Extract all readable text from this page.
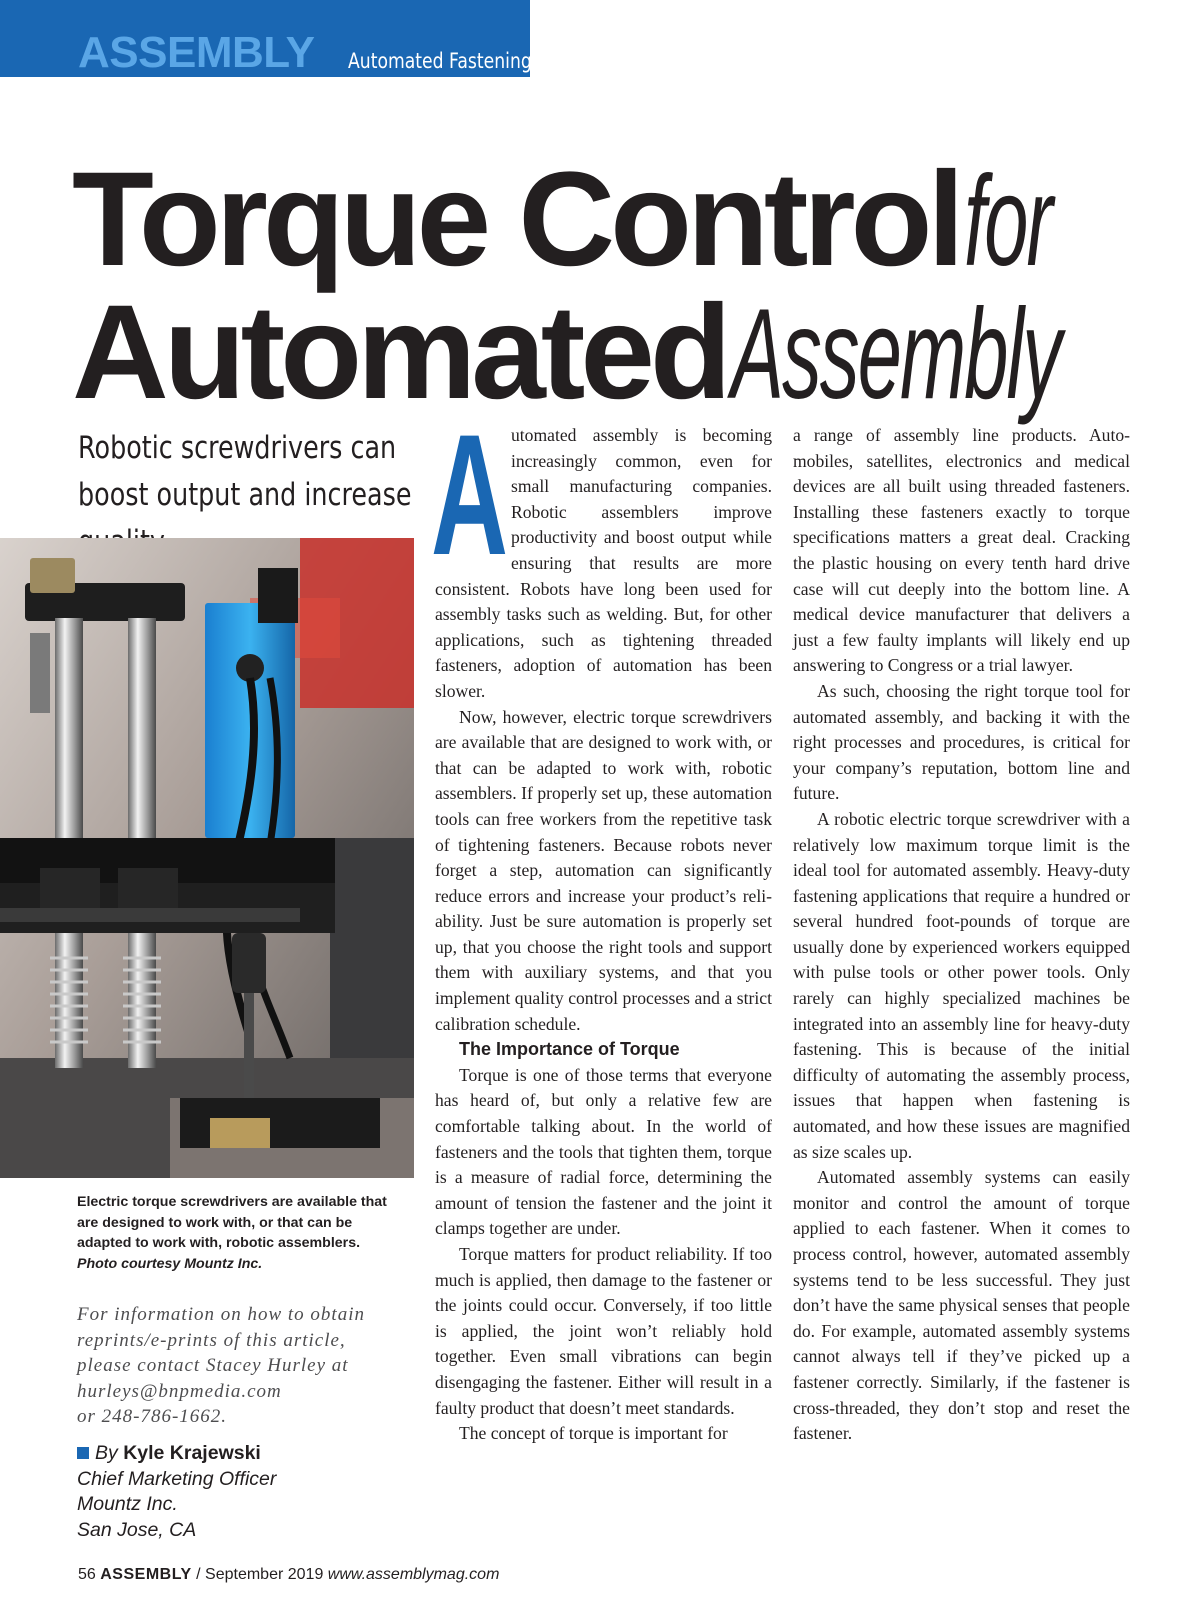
ASSEMBLY Automated Fastening
Torque Control for
Automated Assembly
Robotic screwdrivers can boost output and increase
Electric torque screwdrivers are available that are designed to work with, or that can be adapted to work with, robotic assemblers.
Photo courtesy Mountz Inc.
For information on how to obtain
reprints/e-prints of this article,
please contact Stacey Hurley at
hurleys@bnpmedia.com
or 248-786-1662.
By Kyle Krajewski
Chief Marketing Officer
Mountz Inc.
San Jose, CA
A utomated assembly is becoming increasingly common, even for small manufacturing companies. Robotic assemblers improve productivity and boost output while ensuring that results are more consistent. Robots have long been used for assembly tasks such as welding. But, for other applications, such as tightening threaded fasteners, adoption of automation has been slower.

Now, however, electric torque screwdrivers are available that are designed to work with, or that can be adapted to work with, robotic assemblers. If properly set up, these automation tools can free workers from the repetitive task of tightening fasteners. Because robots never forget a step, automation can significantly reduce errors and increase your product’s reliability. Just be sure automation is properly set up, that you choose the right tools and support them with auxiliary systems, and that you implement quality control processes and a strict calibration schedule.

The Importance of Torque

Torque is one of those terms that everyone has heard of, but only a relative few are comfortable talking about. In the world of fasteners and the tools that tighten them, torque is a measure of radial force, determining the amount of tension the fastener and the joint it clamps together are under.

Torque matters for product reliability. If too much is applied, then damage to the fastener or the joints could occur. Conversely, if too little is applied, the joint won’t reliably hold together. Even small vibrations can begin disengaging the fastener. Either will result in a faulty product that doesn’t meet standards.

The concept of torque is important for

a range of assembly line products. Automobiles, satellites, electronics and medical devices are all built using threaded fasteners. Installing these fasteners exactly to torque specifications matters a great deal. Cracking the plastic housing on every tenth hard drive case will cut deeply into the bottom line. A medical device manufacturer that delivers a just a few faulty implants will likely end up answering to Congress or a trial lawyer.

As such, choosing the right torque tool for automated assembly, and backing it with the right processes and procedures, is critical for your company’s reputation, bottom line and future.

A robotic electric torque screwdriver with a relatively low maximum torque limit is the ideal tool for automated assembly. Heavy-duty fastening applications that require a hundred or several hundred foot-pounds of torque are usually done by experienced workers equipped with pulse tools or other power tools. Only rarely can highly specialized machines be integrated into an assembly line for heavy-duty fastening. This is because of the initial difficulty of automating the assembly process, issues that happen when fastening is automated, and how these issues are magnified as size scales up.

Automated assembly systems can easily monitor and control the amount of torque applied to each fastener. When it comes to process control, however, automated assembly systems tend to be less successful. They just don’t have the same physical senses that people do. For example, automated assembly systems cannot always tell if they’ve picked up a fastener correctly. Similarly, if the fastener is cross-threaded, they don’t stop and reset the fastener.

56 ASSEMBLY / September 2019 www.assemblymag.com
